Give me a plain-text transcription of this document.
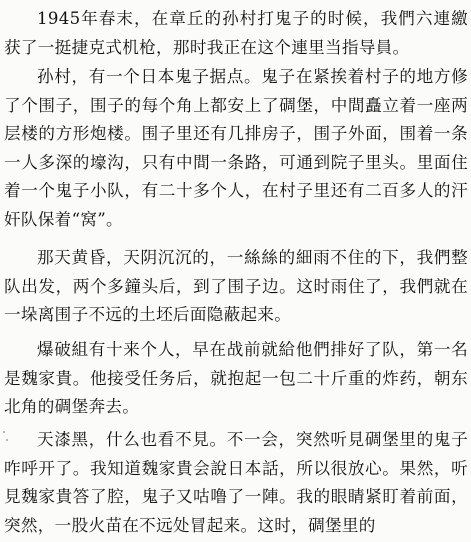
1945年春末，在章丘的孙村打鬼子的时候，我們六連繳获了一挺捷克式机枪，那时我正在这个連里当指导員。

孙村，有一个日本鬼子据点。鬼子在紧挨着村子的地方修了个围子，围子的每个角上都安上了碉堡，中間矗立着一座两层楼的方形炮楼。围子里还有几排房子，围子外面，围着一条一人多深的壕沟，只有中間一条路，可通到院子里头。里面住着一个鬼子小队，有二十多个人，在村子里还有二百多人的汗奸队保着“窝”。

那天黄昏，天阴沉沉的，一絲絲的細雨不住的下，我們整队出发，两个多鐘头后，到了围子边。这时雨住了，我們就在一垛离围子不远的土坯后面隐蔽起来。

爆破組有十来个人，早在战前就給他們排好了队，第一名是魏家貴。他接受任务后，就抱起一包二十斤重的炸药，朝东北角的碉堡奔去。

天漆黑，什么也看不見。不一会，突然听見碉堡里的鬼子咋呼开了。我知道魏家貴会說日本話，所以很放心。果然，听見魏家貴答了腔，鬼子又咕噜了一陣。我的眼睛紧盯着前面，突然，一股火苗在不远处冒起来。这时，碉堡里的
